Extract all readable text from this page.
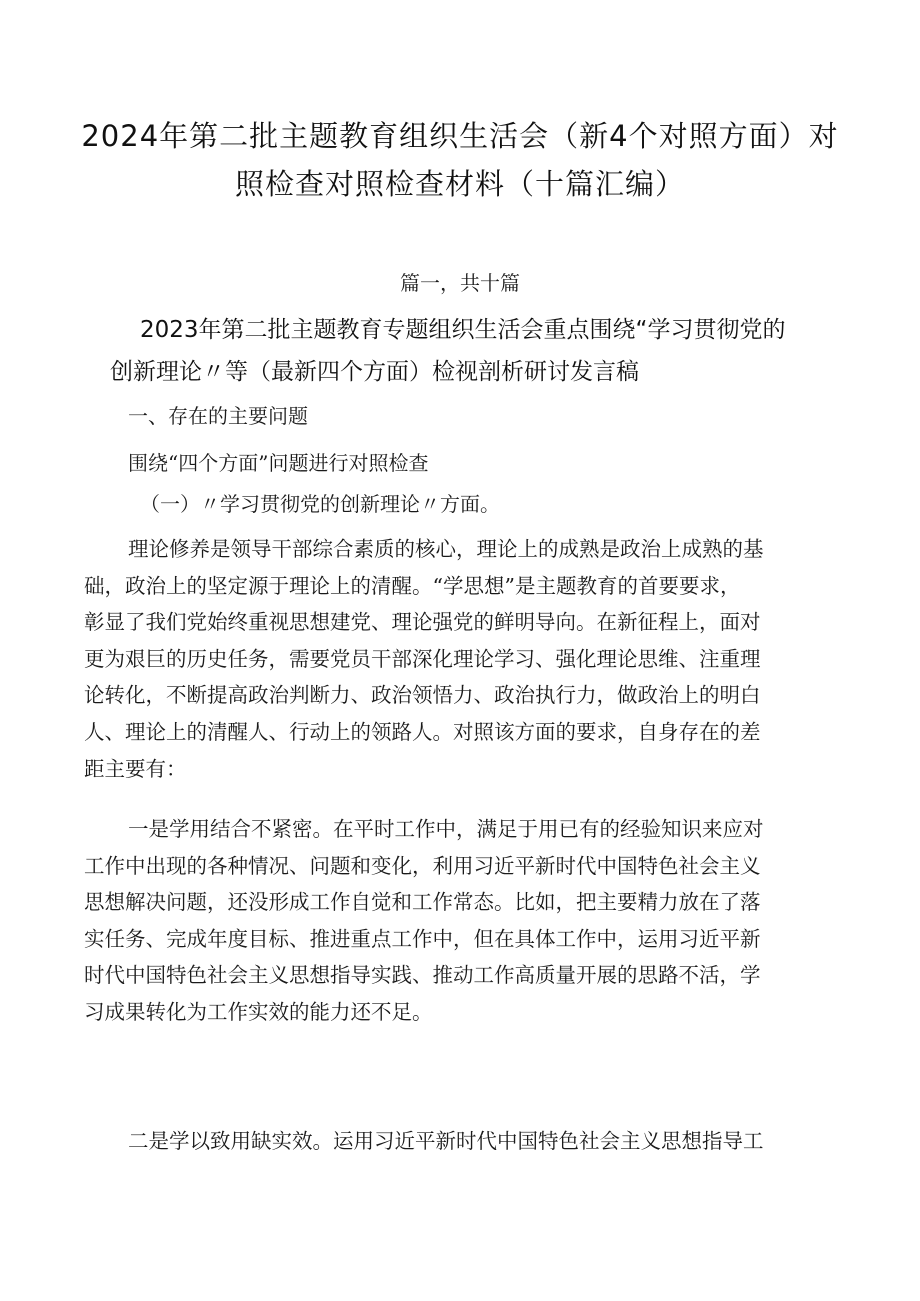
2024年第二批主题教育组织生活会（新4个对照方面）对
照检查对照检查材料（十篇汇编）
篇一，共十篇
2023年第二批主题教育专题组织生活会重点围绕“学习贯彻党的
创新理论〃等（最新四个方面）检视剖析研讨发言稿
一、存在的主要问题
围绕“四个方面”问题进行对照检查
（一）〃学习贯彻党的创新理论〃方面。
理论修养是领导干部综合素质的核心，理论上的成熟是政治上成熟的基
础，政治上的坚定源于理论上的清醒。“学思想”是主题教育的首要要求，
彰显了我们党始终重视思想建党、理论强党的鲜明导向。在新征程上，面对
更为艰巨的历史任务，需要党员干部深化理论学习、强化理论思维、注重理
论转化，不断提高政治判断力、政治领悟力、政治执行力，做政治上的明白
人、理论上的清醒人、行动上的领路人。对照该方面的要求，自身存在的差
距主要有：
一是学用结合不紧密。在平时工作中，满足于用已有的经验知识来应对
工作中出现的各种情况、问题和变化，利用习近平新时代中国特色社会主义
思想解决问题，还没形成工作自觉和工作常态。比如，把主要精力放在了落
实任务、完成年度目标、推进重点工作中，但在具体工作中，运用习近平新
时代中国特色社会主义思想指导实践、推动工作高质量开展的思路不活，学
习成果转化为工作实效的能力还不足。
二是学以致用缺实效。运用习近平新时代中国特色社会主义思想指导工
